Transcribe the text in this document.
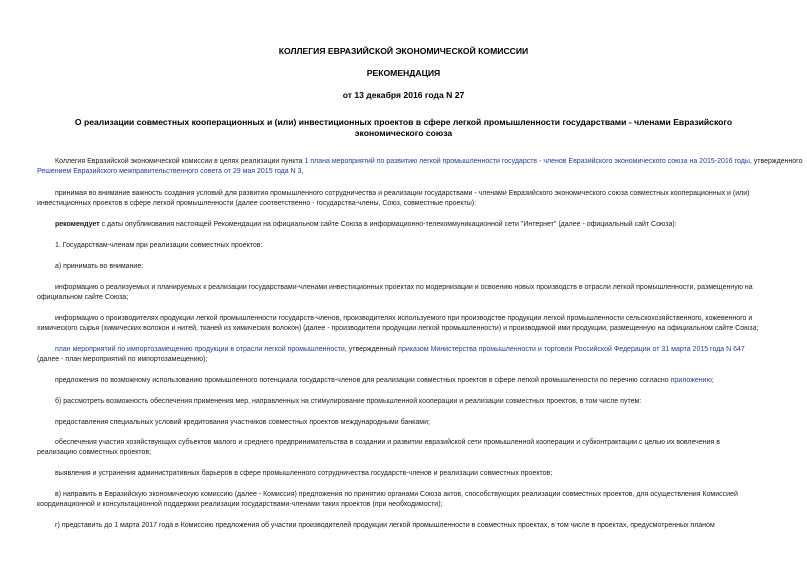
КОЛЛЕГИЯ ЕВРАЗИЙСКОЙ ЭКОНОМИЧЕСКОЙ КОМИССИИ
РЕКОМЕНДАЦИЯ
от 13 декабря 2016 года N 27
О реализации совместных кооперационных и (или) инвестиционных проектов в сфере легкой промышленности государствами - членами Евразийского
экономического союза
Коллегия Евразийской экономической комиссии в целях реализации пункта 1 плана мероприятий по развитию легкой промышленности государств - членов Евразийского экономического союза на 2015-2016 годы, утвержденного
Решением Евразийского межправительственного совета от 29 мая 2015 года N 3,
принимая во внимание важность создания условий для развития промышленного сотрудничества и реализации государствами - членами Евразийского экономического союза совместных кооперационных и (или)
инвестиционных проектов в сфере легкой промышленности (далее соответственно - государства-члены, Союз, совместные проекты):
рекомендует с даты опубликования настоящей Рекомендации на официальном сайте Союза в информационно-телекоммуникационной сети "Интернет" (далее - официальный сайт Союза):
1. Государствам-членам при реализации совместных проектов:
а) принимать во внимание:
информацию о реализуемых и планируемых к реализации государствами-членами инвестиционных проектах по модернизации и освоению новых производств в отрасли легкой промышленности, размещенную на
официальном сайте Союза;
информацию о производителях продукции легкой промышленности государств-членов, производителях используемого при производстве продукции легкой промышленности сельскохозяйственного, кожевенного и
химического сырья (химических волокон и нитей, тканей из химических волокон) (далее - производители продукции легкой промышленности) и производимой ими продукции, размещенную на официальном сайте Союза;
план мероприятий по импортозамещению продукции в отрасли легкой промышленности, утвержденный приказом Министерства промышленности и торговли Российской Федерации от 31 марта 2015 года N 647
(далее - план мероприятий по импортозамещению);
предложения по возможному использованию промышленного потенциала государств-членов для реализации совместных проектов в сфере легкой промышленности по перечню согласно приложению;
б) рассмотреть возможность обеспечения применения мер, направленных на стимулирование промышленной кооперации и реализации совместных проектов, в том числе путем:
предоставления специальных условий кредитования участников совместных проектов международными банками;
обеспечения участия хозяйствующих субъектов малого и среднего предпринимательства в создании и развитии евразийской сети промышленной кооперации и субконтрактации с целью их вовлечения в
реализацию совместных проектов;
выявления и устранения административных барьеров в сфере промышленного сотрудничества государств-членов и реализации совместных проектов;
в) направить в Евразийскую экономическую комиссию (далее - Комиссия) предложения по принятию органами Союза актов, способствующих реализации совместных проектов, для осуществления Комиссией
координационной и консультационной поддержки реализации государствами-членами таких проектов (при необходимости);
г) представить до 1 марта 2017 года в Комиссию предложения об участии производителей продукции легкой промышленности в совместных проектах, в том числе в проектах, предусмотренных планом
